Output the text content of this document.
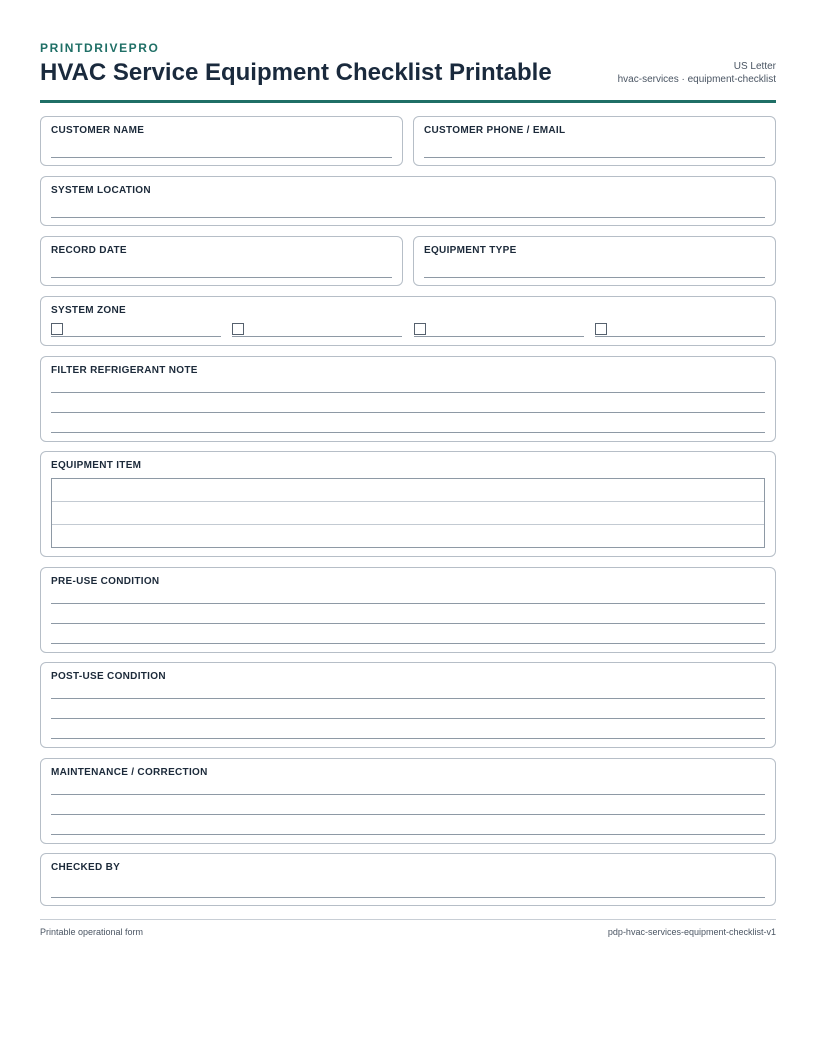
PRINTDRIVEPRO
HVAC Service Equipment Checklist Printable	US Letter
hvac-services · equipment-checklist
CUSTOMER NAME	CUSTOMER PHONE / EMAIL
SYSTEM LOCATION
RECORD DATE	EQUIPMENT TYPE
SYSTEM ZONE
FILTER REFRIGERANT NOTE
EQUIPMENT ITEM
PRE-USE CONDITION
POST-USE CONDITION
MAINTENANCE / CORRECTION
CHECKED BY
Printable operational form	pdp-hvac-services-equipment-checklist-v1
